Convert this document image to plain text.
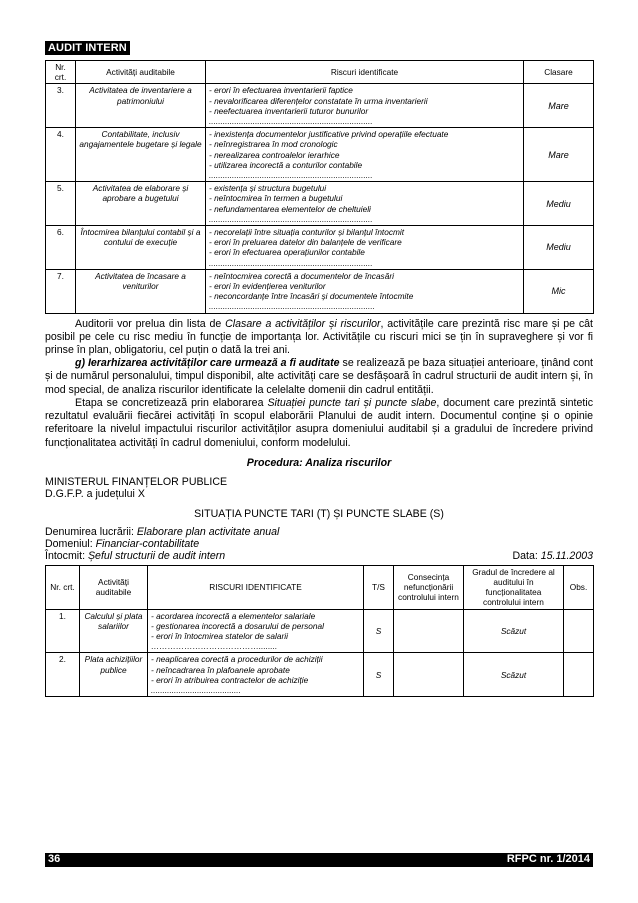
AUDIT INTERN
Nr. crt.	Activități auditabile	Riscuri identificate	Clasare
3.	Activitatea de inventariere a patrimoniului	- erori în efectuarea inventarierii faptice
- nevalorificarea diferențelor constatate în urma inventarierii
- neefectuarea inventarierii tuturor bunurilor
.......................................................................	Mare
4.	Contabilitate, inclusiv angajamentele bugetare și legale	- inexistența documentelor justificative privind operațiile efectuate
- neînregistrarea în mod cronologic
- nerealizarea controalelor ierarhice
- utilizarea incorectă a conturilor contabile
.......................................................................	Mare
5.	Activitatea de elaborare și aprobare a bugetului	- existența și structura bugetului
- neîntocmirea în termen a bugetului
- nefundamentarea elementelor de cheltuieli
.......................................................................	Mediu
6.	Întocmirea bilanțului contabil și a contului de execuție	- necorelații între situația conturilor și bilanțul întocmit
- erori în preluarea datelor din balanțele de verificare
- erori în efectuarea operațiunilor contabile
.......................................................................	Mediu
7.	Activitatea de încasare a veniturilor	- neîntocmirea corectă a documentelor de încasări
- erori în evidențierea veniturilor
- neconcordanțe între încasări și documentele întocmite
........................................................................	Mic

Auditorii vor prelua din lista de Clasare a activităților și riscurilor, activitățile care prezintă risc mare și pe cât posibil pe cele cu risc mediu în funcție de importanța lor. Activitățile cu riscuri mici se țin în supraveghere și vor fi prinse în plan, obligatoriu, cel puțin o dată la trei ani.

g) Ierarhizarea activităților care urmează a fi auditate se realizează pe baza situației anterioare, ținând cont și de numărul personalului, timpul disponibil, alte activități care se desfășoară în cadrul structurii de audit intern și, în mod special, de analiza riscurilor identificate la celelalte domenii din cadrul entității.

Etapa se concretizează prin elaborarea Situației puncte tari și puncte slabe, document care prezintă sintetic rezultatul evaluării fiecărei activități în scopul elaborării Planului de audit intern. Documentul conține și o opinie referitoare la nivelul impactului riscurilor activităților asupra domeniului auditabil și a gradului de încredere privind funcționalitatea activități în cadrul domeniului, conform modelului.

Procedura: Analiza riscurilor
MINISTERUL FINANȚELOR PUBLICE
D.G.F.P. a județului X
SITUAȚIA PUNCTE TARI (T) ȘI PUNCTE SLABE (S)
Denumirea lucrării: Elaborare plan activitate anual
Domeniul: Financiar-contabilitate
Întocmit: Șeful structurii de audit intern	Data: 15.11.2003
Nr. crt.	Activități auditabile	RISCURI IDENTIFICATE	T/S	Consecința nefuncționării controlului intern	Gradul de încredere al auditului în funcționalitatea controlului intern	Obs.
1.	Calculul și plata salariilor	- acordarea incorectă a elementelor salariale
- gestionarea incorectă a dosarului de personal
- erori în întocmirea statelor de salarii
…………………………………........	S		Scăzut	
2.	Plata achizițiilor publice	- neaplicarea corectă a procedurilor de achiziții
- neîncadrarea în plafoanele aprobate
- erori în atribuirea contractelor de achiziție
.......................................	S		Scăzut	
36	RFPC nr. 1/2014
